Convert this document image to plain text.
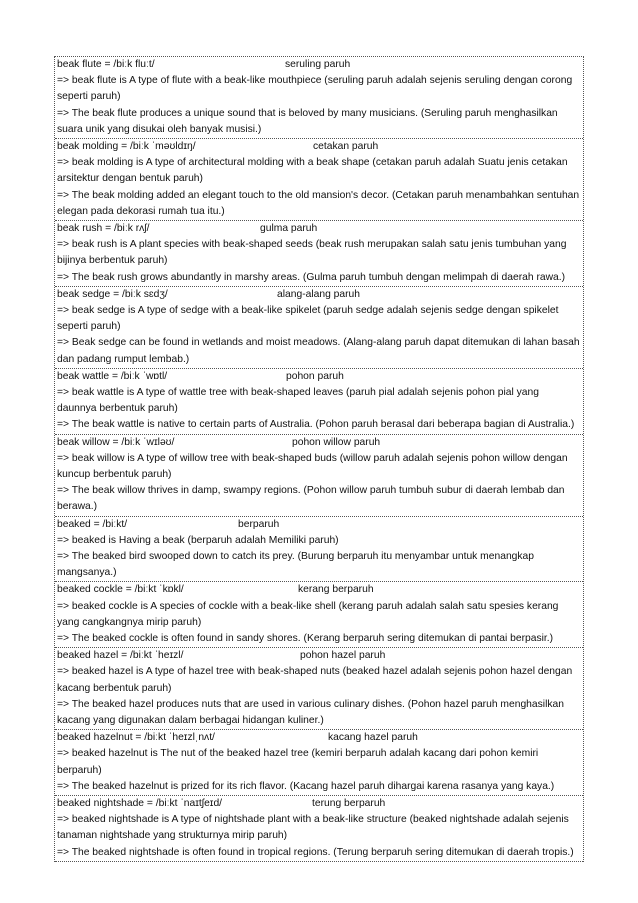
beak flute = /biːk fluːt/	seruling paruh
=> beak flute is A type of flute with a beak-like mouthpiece (seruling paruh adalah sejenis seruling dengan corong seperti paruh)
=> The beak flute produces a unique sound that is beloved by many musicians. (Seruling paruh menghasilkan suara unik yang disukai oleh banyak musisi.)
beak molding = /biːk ˈməʊldɪŋ/	cetakan paruh
=> beak molding is A type of architectural molding with a beak shape (cetakan paruh adalah Suatu jenis cetakan arsitektur dengan bentuk paruh)
=> The beak molding added an elegant touch to the old mansion's decor. (Cetakan paruh menambahkan sentuhan elegan pada dekorasi rumah tua itu.)
beak rush = /biːk rʌʃ/	gulma paruh
=> beak rush is A plant species with beak-shaped seeds (beak rush merupakan salah satu jenis tumbuhan yang bijinya berbentuk paruh)
=> The beak rush grows abundantly in marshy areas. (Gulma paruh tumbuh dengan melimpah di daerah rawa.)
beak sedge = /biːk sɛdʒ/	alang-alang paruh
=> beak sedge is A type of sedge with a beak-like spikelet (paruh sedge adalah sejenis sedge dengan spikelet seperti paruh)
=> Beak sedge can be found in wetlands and moist meadows. (Alang-alang paruh dapat ditemukan di lahan basah dan padang rumput lembab.)
beak wattle = /biːk ˈwɒtl/	pohon paruh
=> beak wattle is A type of wattle tree with beak-shaped leaves (paruh pial adalah sejenis pohon pial yang daunnya berbentuk paruh)
=> The beak wattle is native to certain parts of Australia. (Pohon paruh berasal dari beberapa bagian di Australia.)
beak willow = /biːk ˈwɪləʊ/	pohon willow paruh
=> beak willow is A type of willow tree with beak-shaped buds (willow paruh adalah sejenis pohon willow dengan kuncup berbentuk paruh)
=> The beak willow thrives in damp, swampy regions. (Pohon willow paruh tumbuh subur di daerah lembab dan berawa.)
beaked = /biːkt/	berparuh
=> beaked is Having a beak (berparuh adalah Memiliki paruh)
=> The beaked bird swooped down to catch its prey. (Burung berparuh itu menyambar untuk menangkap mangsanya.)
beaked cockle = /biːkt ˈkɒkl/	kerang berparuh
=> beaked cockle is A species of cockle with a beak-like shell (kerang paruh adalah salah satu spesies kerang yang cangkangnya mirip paruh)
=> The beaked cockle is often found in sandy shores. (Kerang berparuh sering ditemukan di pantai berpasir.)
beaked hazel = /biːkt ˈheɪzl/	pohon hazel paruh
=> beaked hazel is A type of hazel tree with beak-shaped nuts (beaked hazel adalah sejenis pohon hazel dengan kacang berbentuk paruh)
=> The beaked hazel produces nuts that are used in various culinary dishes. (Pohon hazel paruh menghasilkan kacang yang digunakan dalam berbagai hidangan kuliner.)
beaked hazelnut = /biːkt ˈheɪzlˌnʌt/	kacang hazel paruh
=> beaked hazelnut is The nut of the beaked hazel tree (kemiri berparuh adalah kacang dari pohon kemiri berparuh)
=> The beaked hazelnut is prized for its rich flavor. (Kacang hazel paruh dihargai karena rasanya yang kaya.)
beaked nightshade = /biːkt ˈnaɪtʃeɪd/	terung berparuh
=> beaked nightshade is A type of nightshade plant with a beak-like structure (beaked nightshade adalah sejenis tanaman nightshade yang strukturnya mirip paruh)
=> The beaked nightshade is often found in tropical regions. (Terung berparuh sering ditemukan di daerah tropis.)
